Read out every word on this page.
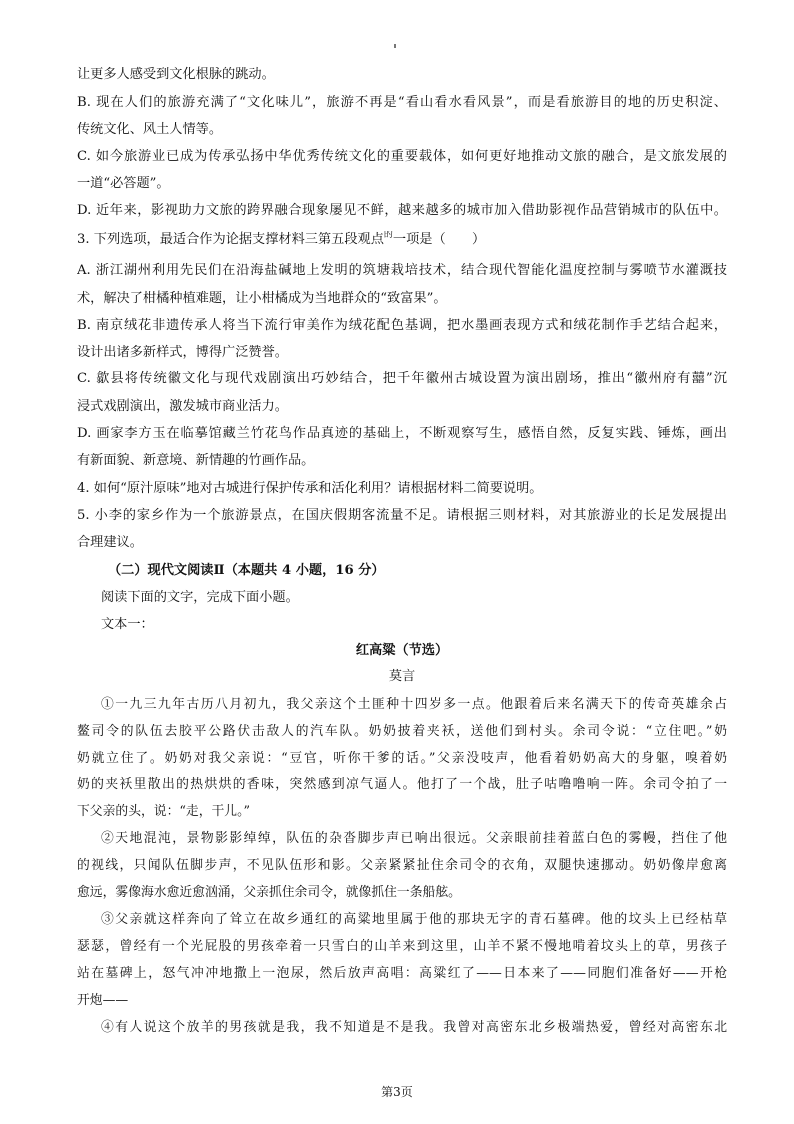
让更多人感受到文化根脉的跳动。
B. 现在人们的旅游充满了“文化味儿”，旅游不再是“看山看水看风景”，而是看旅游目的地的历史积淀、
传统文化、风土人情等。
C. 如今旅游业已成为传承弘扬中华优秀传统文化的重要载体，如何更好地推动文旅的融合，是文旅发展的
一道“必答题”。
D. 近年来，影视助力文旅的跨界融合现象屡见不鲜，越来越多的城市加入借助影视作品营销城市的队伍中。
3. 下列选项，最适合作为论据支撑材料三第五段观点$^的$一项是（　　）
A. 浙江湖州利用先民们在沿海盐碱地上发明的筑塘栽培技术，结合现代智能化温度控制与雾喷节水灌溉技
术，解决了柑橘种植难题，让小柑橘成为当地群众的“致富果”。
B. 南京绒花非遗传承人将当下流行审美作为绒花配色基调，把水墨画表现方式和绒花制作手艺结合起来，
设计出诸多新样式，博得广泛赞誉。
C. 歙县将传统徽文化与现代戏剧演出巧妙结合，把千年徽州古城设置为演出剧场，推出“徽州府有囍”沉
浸式戏剧演出，激发城市商业活力。
D. 画家李方玉在临摹馆藏兰竹花鸟作品真迹的基础上，不断观察写生，感悟自然，反复实践、锤炼，画出
有新面貌、新意境、新情趣的竹画作品。
4. 如何“原汁原味”地对古城进行保护传承和活化利用？请根据材料二简要说明。
5. 小李的家乡作为一个旅游景点，在国庆假期客流量不足。请根据三则材料，对其旅游业的长足发展提出
合理建议。
（二）现代文阅读Ⅱ（本题共 4 小题，16 分）
阅读下面的文字，完成下面小题。
文本一：
红高粱（节选）
莫言
①一九三九年古历八月初九，我父亲这个土匪种十四岁多一点。他跟着后来名满天下的传奇英雄余占
鳌司令的队伍去胶平公路伏击敌人的汽车队。奶奶披着夹袄，送他们到村头。余司令说：“立住吧。”奶
奶就立住了。奶奶对我父亲说：“豆官，听你干爹的话。”父亲没吱声，他看着奶奶高大的身躯，嗅着奶
奶的夹袄里散出的热烘烘的香味，突然感到凉气逼人。他打了一个战，肚子咕噜噜响一阵。余司令拍了一
下父亲的头，说：“走，干儿。”
②天地混沌，景物影影绰绰，队伍的杂沓脚步声已响出很远。父亲眼前挂着蓝白色的雾幔，挡住了他
的视线，只闻队伍脚步声，不见队伍形和影。父亲紧紧扯住余司令的衣角，双腿快速挪动。奶奶像岸愈离
愈远，雾像海水愈近愈汹涌，父亲抓住余司令，就像抓住一条船舷。
③父亲就这样奔向了耸立在故乡通红的高粱地里属于他的那块无字的青石墓碑。他的坟头上已经枯草
瑟瑟，曾经有一个光屁股的男孩牵着一只雪白的山羊来到这里，山羊不紧不慢地啃着坟头上的草，男孩子
站在墓碑上，怒气冲冲地撒上一泡尿，然后放声高唱：高粱红了——日本来了——同胞们准备好——开枪
开炮——
④有人说这个放羊的男孩就是我，我不知道是不是我。我曾对高密东北乡极端热爱，曾经对高密东北
第3页
